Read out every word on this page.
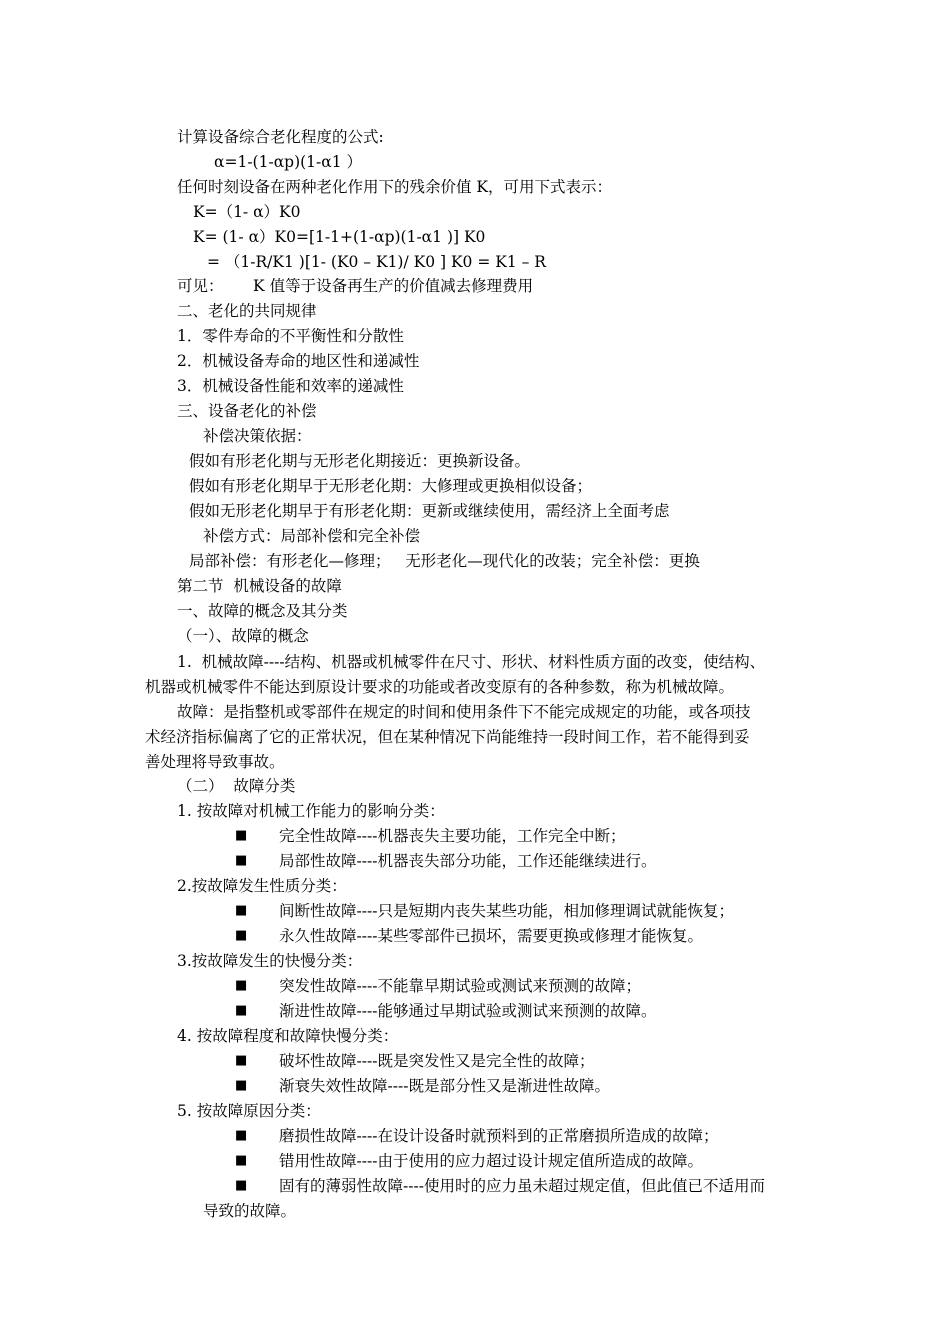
计算设备综合老化程度的公式:
α=1-(1-αp)(1-α1 ）
任何时刻设备在两种老化作用下的残余价值 K，可用下式表示：
K=（1- α）K0
K= (1- α）K0=[1-1+(1-αp)(1-α1 )] K0
= （1-R/K1 )[1- (K0 – K1)/ K0 ] K0 = K1 – R
可见：      K 值等于设备再生产的价值减去修理费用
二、老化的共同规律
1．零件寿命的不平衡性和分散性
2．机械设备寿命的地区性和递减性
3．机械设备性能和效率的递减性
三、设备老化的补偿
补偿决策依据：
假如有形老化期与无形老化期接近：更换新设备。
假如有形老化期早于无形老化期：大修理或更换相似设备；
假如无形老化期早于有形老化期：更新或继续使用，需经济上全面考虑
补偿方式：局部补偿和完全补偿
局部补偿：有形老化—修理；   无形老化—现代化的改装；完全补偿：更换
第二节  机械设备的故障
一、故障的概念及其分类
（一）、故障的概念
1.  机械故障----结构、机器或机械零件在尺寸、形状、材料性质方面的改变，使结构、
机器或机械零件不能达到原设计要求的功能或者改变原有的各种参数，称为机械故障。
故障：是指整机或零部件在规定的时间和使用条件下不能完成规定的功能，或各项技
术经济指标偏离了它的正常状况，但在某种情况下尚能维持一段时间工作，若不能得到妥
善处理将导致事故。
（二）  故障分类
1. 按故障对机械工作能力的影响分类：
■ 完全性故障----机器丧失主要功能，工作完全中断；
■ 局部性故障----机器丧失部分功能，工作还能继续进行。
2.按故障发生性质分类：
■ 间断性故障----只是短期内丧失某些功能，相加修理调试就能恢复；
■ 永久性故障----某些零部件已损坏，需要更换或修理才能恢复。
3.按故障发生的快慢分类：
■ 突发性故障----不能靠早期试验或测试来预测的故障；
■ 渐进性故障----能够通过早期试验或测试来预测的故障。
4. 按故障程度和故障快慢分类：
■ 破坏性故障----既是突发性又是完全性的故障；
■ 渐衰失效性故障----既是部分性又是渐进性故障。
5. 按故障原因分类：
■ 磨损性故障----在设计设备时就预料到的正常磨损所造成的故障；
■ 错用性故障----由于使用的应力超过设计规定值所造成的故障。
■ 固有的薄弱性故障----使用时的应力虽未超过规定值，但此值已不适用而
导致的故障。
